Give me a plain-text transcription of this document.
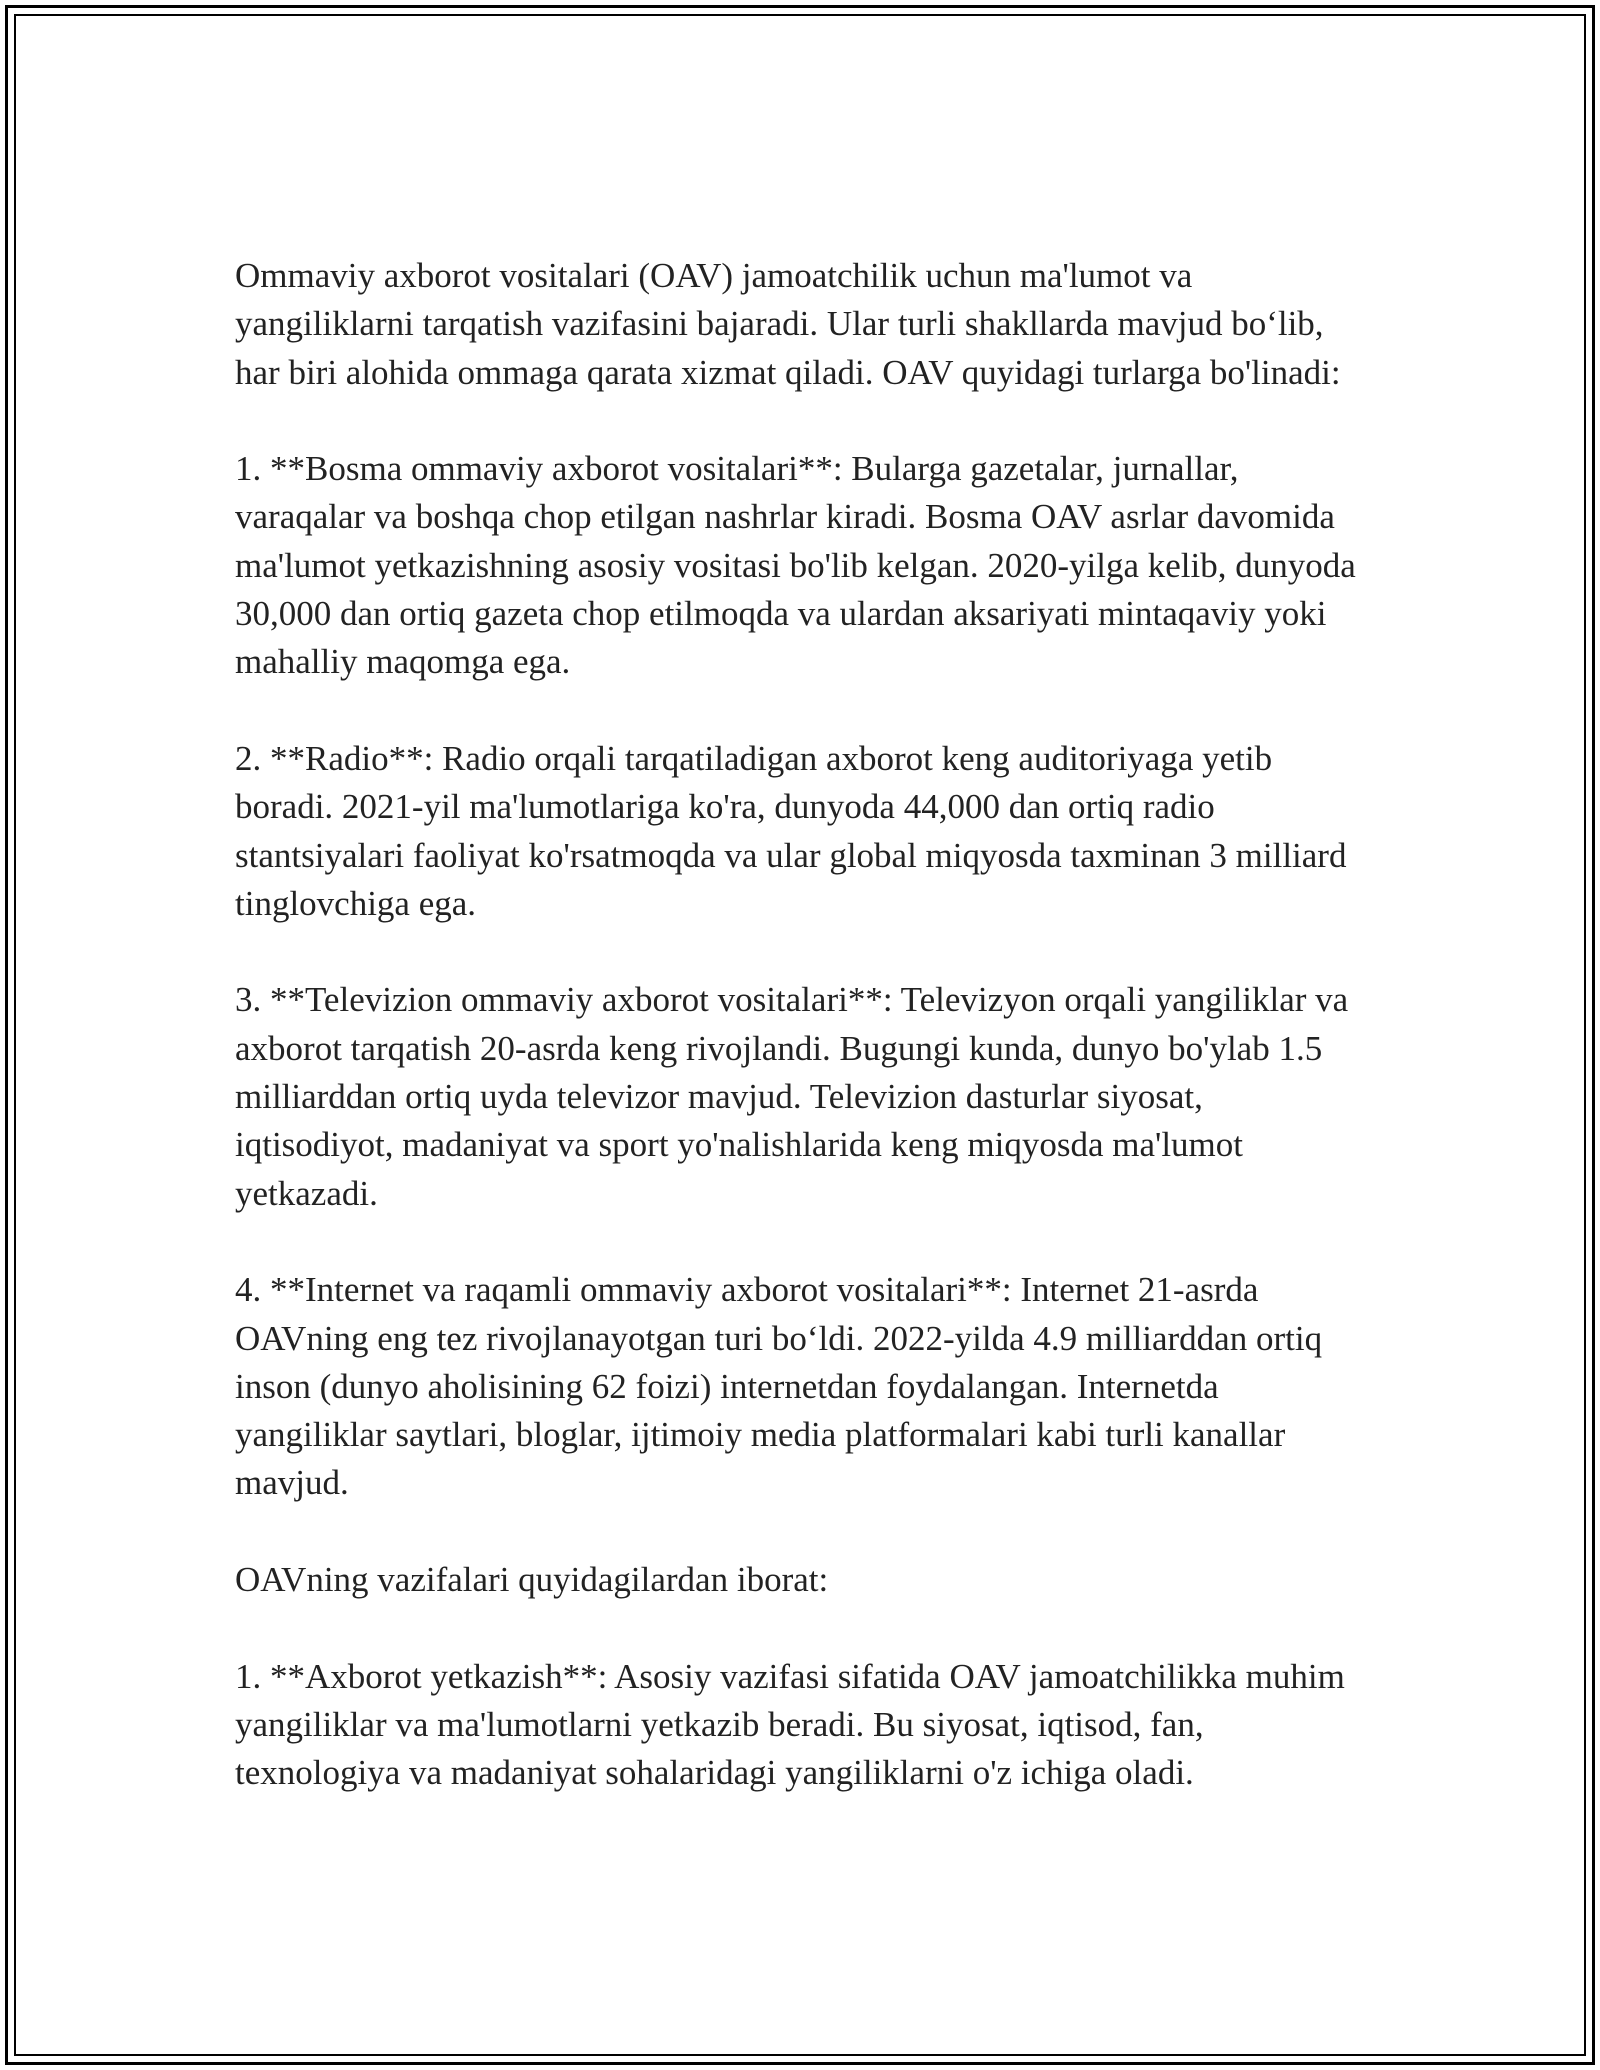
Ommaviy axborot vositalari (OAV) jamoatchilik uchun ma'lumot va yangiliklarni tarqatish vazifasini bajaradi. Ular turli shakllarda mavjud bo‘lib, har biri alohida ommaga qarata xizmat qiladi. OAV quyidagi turlarga bo'linadi:

1. **Bosma ommaviy axborot vositalari**: Bularga gazetalar, jurnallar, varaqalar va boshqa chop etilgan nashrlar kiradi. Bosma OAV asrlar davomida ma'lumot yetkazishning asosiy vositasi bo'lib kelgan. 2020-yilga kelib, dunyoda 30,000 dan ortiq gazeta chop etilmoqda va ulardan aksariyati mintaqaviy yoki mahalliy maqomga ega.

2. **Radio**: Radio orqali tarqatiladigan axborot keng auditoriyaga yetib boradi. 2021-yil ma'lumotlariga ko'ra, dunyoda 44,000 dan ortiq radio stantsiyalari faoliyat ko'rsatmoqda va ular global miqyosda taxminan 3 milliard tinglovchiga ega.

3. **Televizion ommaviy axborot vositalari**: Televizyon orqali yangiliklar va axborot tarqatish 20-asrda keng rivojlandi. Bugungi kunda, dunyo bo'ylab 1.5 milliarddan ortiq uyda televizor mavjud. Televizion dasturlar siyosat, iqtisodiyot, madaniyat va sport yo'nalishlarida keng miqyosda ma'lumot yetkazadi.

4. **Internet va raqamli ommaviy axborot vositalari**: Internet 21-asrda OAVning eng tez rivojlanayotgan turi bo‘ldi. 2022-yilda 4.9 milliarddan ortiq inson (dunyo aholisining 62 foizi) internetdan foydalangan. Internetda yangiliklar saytlari, bloglar, ijtimoiy media platformalari kabi turli kanallar mavjud.

OAVning vazifalari quyidagilardan iborat:

1. **Axborot yetkazish**: Asosiy vazifasi sifatida OAV jamoatchilikka muhim yangiliklar va ma'lumotlarni yetkazib beradi. Bu siyosat, iqtisod, fan, texnologiya va madaniyat sohalaridagi yangiliklarni o'z ichiga oladi.
